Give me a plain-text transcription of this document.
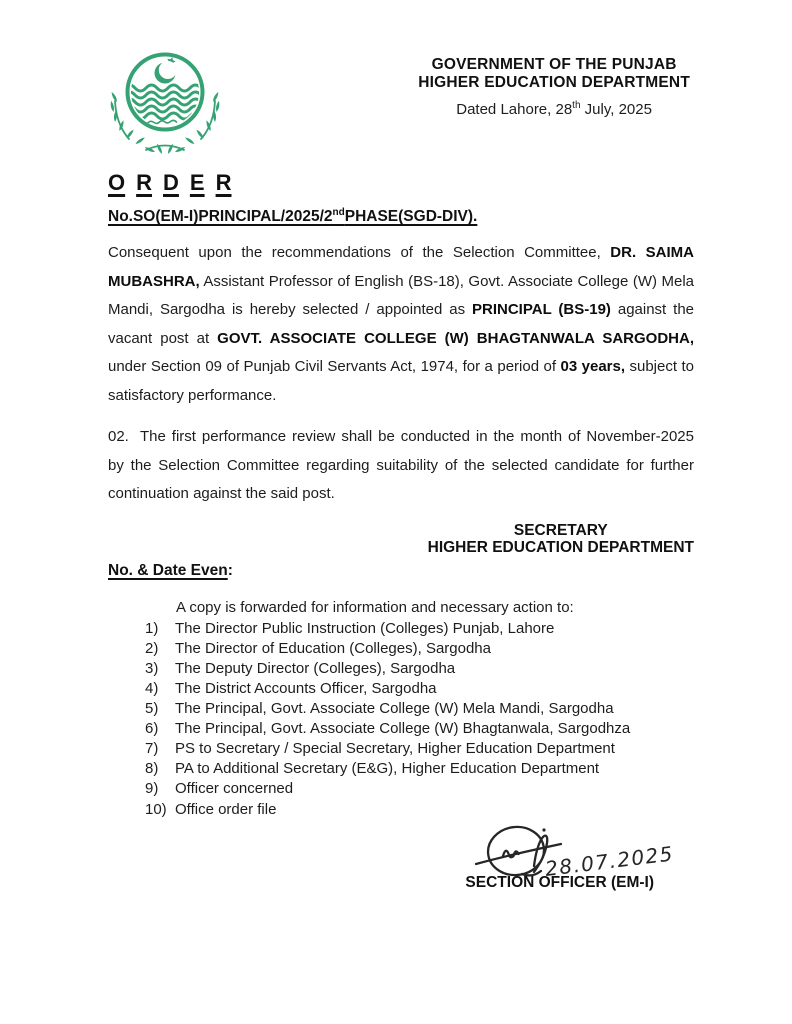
GOVERNMENT OF THE PUNJAB
HIGHER EDUCATION DEPARTMENT
Dated Lahore, 28th July, 2025
O R D E R
No.SO(EM-I)PRINCIPAL/2025/2ndPHASE(SGD-DIV).

Consequent upon the recommendations of the Selection Committee, DR. SAIMA MUBASHRA, Assistant Professor of English (BS-18), Govt. Associate College (W) Mela Mandi, Sargodha is hereby selected / appointed as PRINCIPAL (BS-19) against the vacant post at GOVT. ASSOCIATE COLLEGE (W) BHAGTANWALA SARGODHA, under Section 09 of Punjab Civil Servants Act, 1974, for a period of 03 years, subject to satisfactory performance.

02. The first performance review shall be conducted in the month of November-2025 by the Selection Committee regarding suitability of the selected candidate for further continuation against the said post.

SECRETARY
HIGHER EDUCATION DEPARTMENT
No. & Date Even:
A copy is forwarded for information and necessary action to:
1)	The Director Public Instruction (Colleges) Punjab, Lahore
2)	The Director of Education (Colleges), Sargodha
3)	The Deputy Director (Colleges), Sargodha
4)	The District Accounts Officer, Sargodha
5)	The Principal, Govt. Associate College (W) Mela Mandi, Sargodha
6)	The Principal, Govt. Associate College (W) Bhagtanwala, Sargodhza
7)	PS to Secretary / Special Secretary, Higher Education Department
8)	PA to Additional Secretary (E&G), Higher Education Department
9)	Officer concerned
10) Office order file
28.07.2025
SECTION OFFICER (EM-I)
